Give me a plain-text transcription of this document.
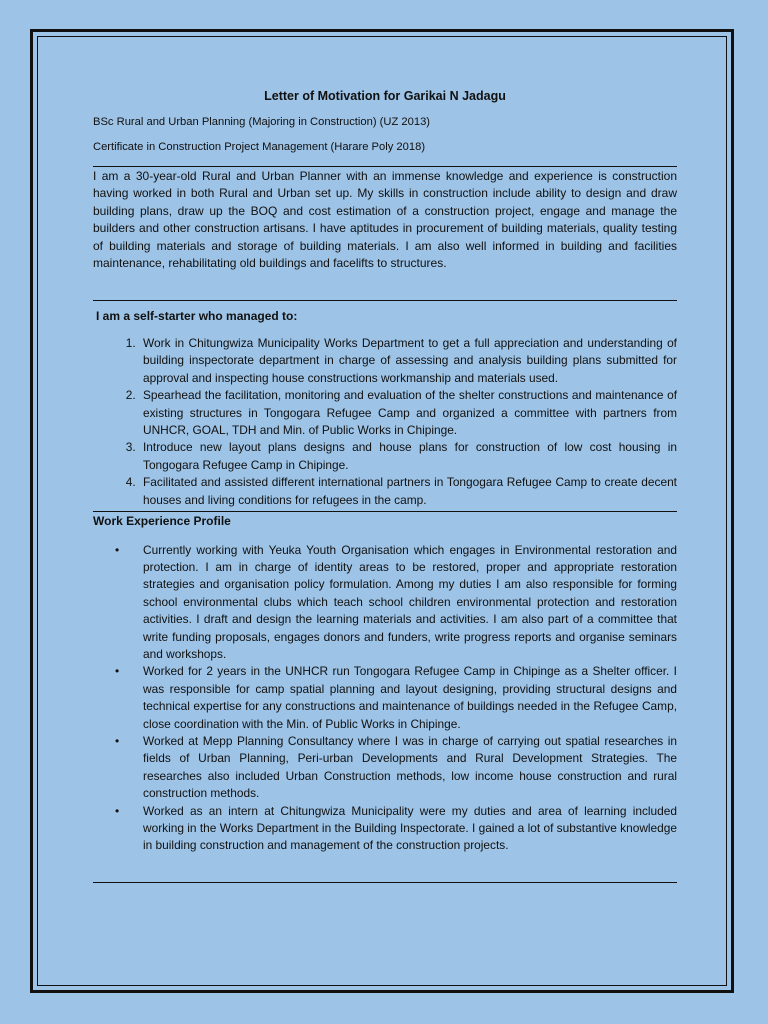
Letter of Motivation for Garikai N Jadagu

BSc Rural and Urban Planning (Majoring in Construction) (UZ 2013)

Certificate in Construction Project Management (Harare Poly 2018)

I am a 30-year-old Rural and Urban Planner with an immense knowledge and experience is construction having worked in both Rural and Urban set up. My skills in construction include ability to design and draw building plans, draw up the BOQ and cost estimation of a construction project, engage and manage the builders and other construction artisans. I have aptitudes in procurement of building materials, quality testing of building materials and storage of building materials. I am also well informed in building and facilities maintenance, rehabilitating old buildings and facelifts to structures.

I am a self-starter who managed to:

1. Work in Chitungwiza Municipality Works Department to get a full appreciation and understanding of building inspectorate department in charge of assessing and analysis building plans submitted for approval and inspecting house constructions workmanship and materials used.
2. Spearhead the facilitation, monitoring and evaluation of the shelter constructions and maintenance of existing structures in Tongogara Refugee Camp and organized a committee with partners from UNHCR, GOAL, TDH and Min. of Public Works in Chipinge.
3. Introduce new layout plans designs and house plans for construction of low cost housing in Tongogara Refugee Camp in Chipinge.
4. Facilitated and assisted different international partners in Tongogara Refugee Camp to create decent houses and living conditions for refugees in the camp.

Work Experience Profile

• Currently working with Yeuka Youth Organisation which engages in Environmental restoration and protection. I am in charge of identity areas to be restored, proper and appropriate restoration strategies and organisation policy formulation. Among my duties I am also responsible for forming school environmental clubs which teach school children environmental protection and restoration activities. I draft and design the learning materials and activities. I am also part of a committee that write funding proposals, engages donors and funders, write progress reports and organise seminars and workshops.
• Worked for 2 years in the UNHCR run Tongogara Refugee Camp in Chipinge as a Shelter officer. I was responsible for camp spatial planning and layout designing, providing structural designs and technical expertise for any constructions and maintenance of buildings needed in the Refugee Camp, close coordination with the Min. of Public Works in Chipinge.
• Worked at Mepp Planning Consultancy where I was in charge of carrying out spatial researches in fields of Urban Planning, Peri-urban Developments and Rural Development Strategies. The researches also included Urban Construction methods, low income house construction and rural construction methods.
• Worked as an intern at Chitungwiza Municipality were my duties and area of learning included working in the Works Department in the Building Inspectorate. I gained a lot of substantive knowledge in building construction and management of the construction projects.
